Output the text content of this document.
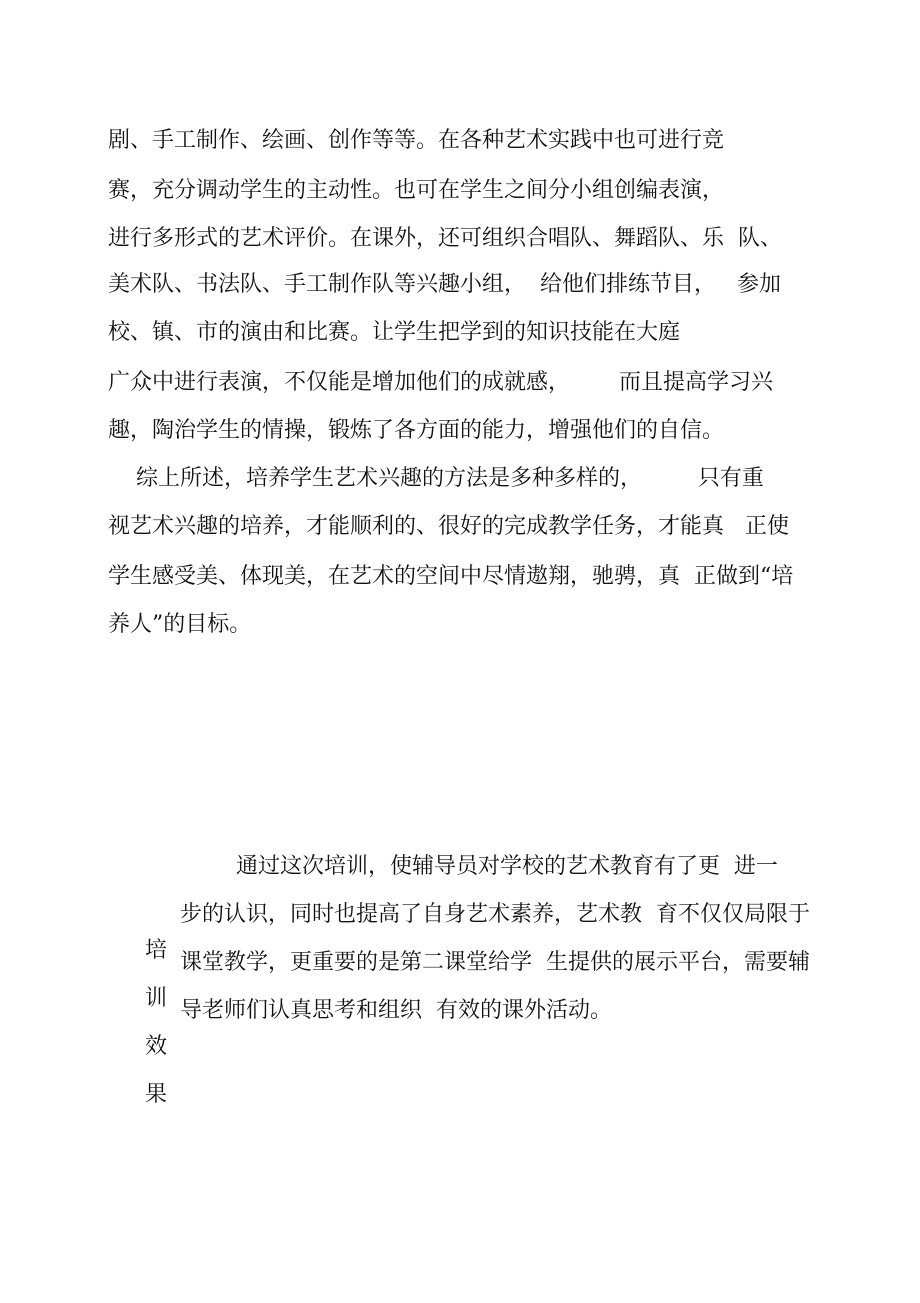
剧、手工制作、绘画、创作等等。在各种艺术实践中也可进行竞
赛，充分调动学生的主动性。也可在学生之间分小组创编表演，
进行多形式的艺术评价。在课外，还可组织合唱队、舞蹈队、乐  队、
美术队、书法队、手工制作队等兴趣小组，  给他们排练节目，   参加
校、镇、市的演由和比赛。让学生把学到的知识技能在大庭
广众中进行表演，不仅能是增加他们的成就感，       而且提高学习兴
趣，陶治学生的情操，锻炼了各方面的能力，增强他们的自信。
综上所述，培养学生艺术兴趣的方法是多种多样的，        只有重
视艺术兴趣的培养，才能顺利的、很好的完成教学任务，才能真   正使
学生感受美、体现美，在艺术的空间中尽情遨翔，驰骋，真  正做到“培
养人”的目标。
培
训
效
果
通过这次培训，使辅导员对学校的艺术教育有了更  进一
步的认识，同时也提高了自身艺术素养，艺术教  育不仅仅局限于
课堂教学，更重要的是第二课堂给学  生提供的展示平台，需要辅
导老师们认真思考和组织  有效的课外活动。
